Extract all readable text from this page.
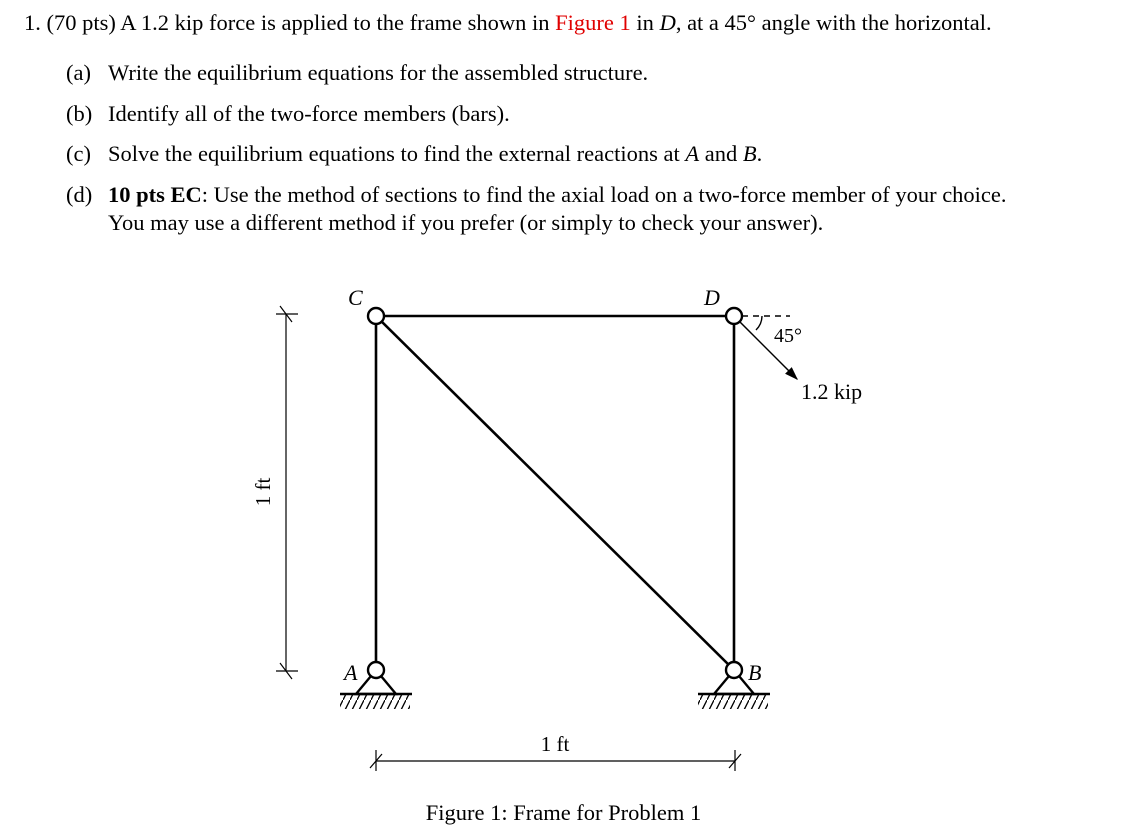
1. (70 pts) A 1.2 kip force is applied to the frame shown in Figure 1 in D, at a 45° angle with the horizontal.
(a) Write the equilibrium equations for the assembled structure.
(b) Identify all of the two-force members (bars).
(c) Solve the equilibrium equations to find the external reactions at A and B.
(d) 10 pts EC: Use the method of sections to find the axial load on a two-force member of your choice.
You may use a different method if you prefer (or simply to check your answer).
1 ft
1 ft
45°
1.2 kip
C	D
A	B
Figure 1: Frame for Problem 1
